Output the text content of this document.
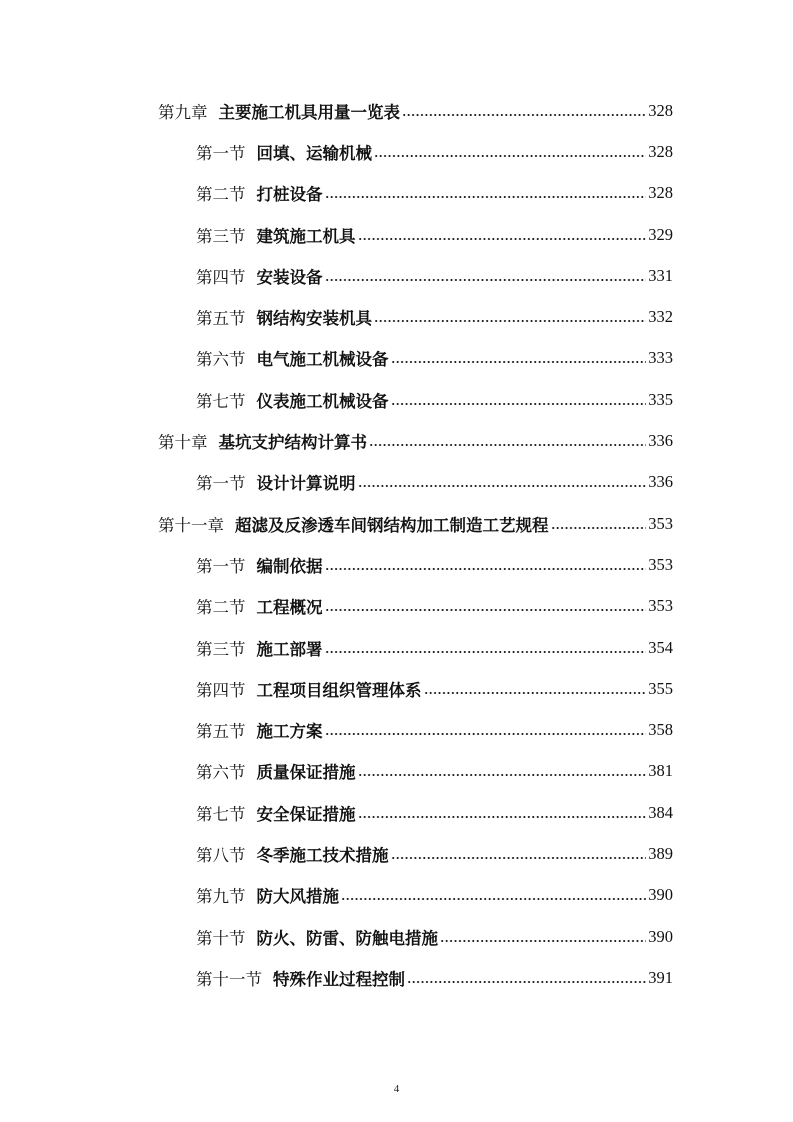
第九章 主要施工机具用量一览表	328
第一节 回填、运输机械	328
第二节 打桩设备	328
第三节 建筑施工机具	329
第四节 安装设备	331
第五节 钢结构安装机具	332
第六节 电气施工机械设备	333
第七节 仪表施工机械设备	335
第十章 基坑支护结构计算书	336
第一节 设计计算说明	336
第十一章 超滤及反渗透车间钢结构加工制造工艺规程	353
第一节 编制依据	353
第二节 工程概况	353
第三节 施工部署	354
第四节 工程项目组织管理体系	355
第五节 施工方案	358
第六节 质量保证措施	381
第七节 安全保证措施	384
第八节 冬季施工技术措施	389
第九节 防大风措施	390
第十节 防火、防雷、防触电措施	390
第十一节 特殊作业过程控制	391
4
